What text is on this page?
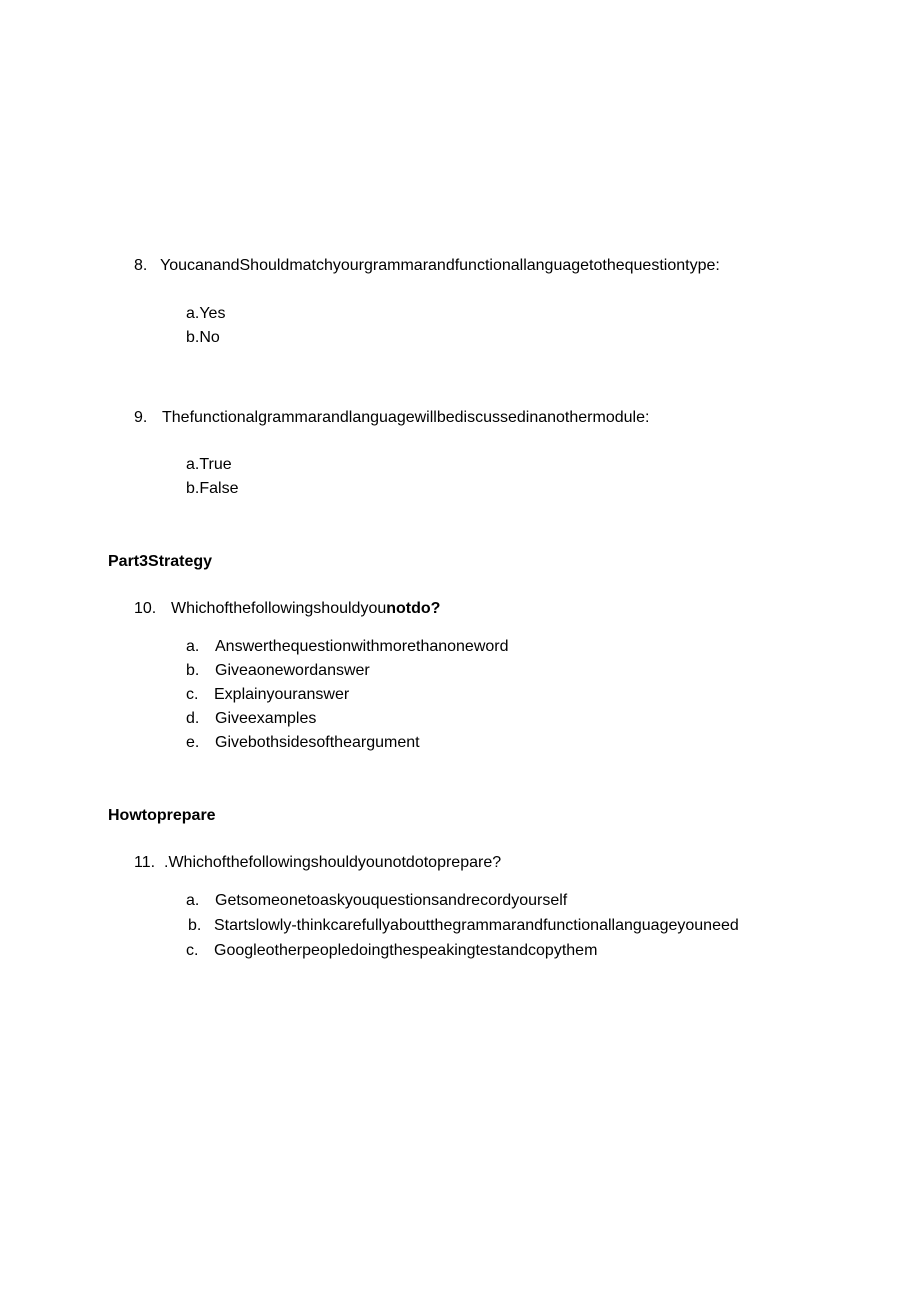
8. YoucanandShouldmatchyourgrammarandfunctionallanguagetothequestiontype:
a.Yes
b.No
9. Thefunctionalgrammarandlanguagewillbediscussedinanothermodule:
a.True
b.False
Part3Strategy
10. Whichofthefollowingshouldyounotdo?
a. Answerthequestionwithmorethanoneword
b. Giveaonewordanswer
c. Explainyouranswer
d. Giveexamples
e. Givebothsidesoftheargument
Howtoprepare
11. .Whichofthefollowingshouldyounotdotoprepare?
a. Getsomeonetoaskyouquestionsandrecordyourself
b. Startslowly-thinkcarefullyaboutthegrammarandfunctionallanguageyouneed
c. Googleotherpeopledoingthespeakingtestandcopythem
